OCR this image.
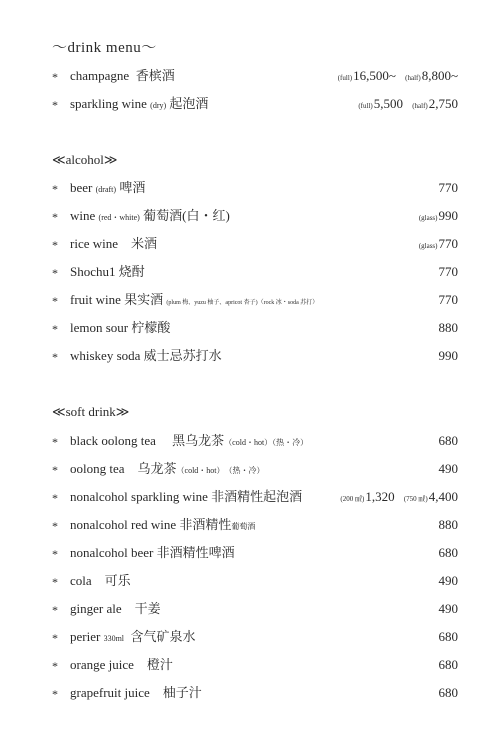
〜drink menu〜
* champagne 香槟酒	(full)16,500~ (half)8,800~
* sparkling wine (dry) 起泡酒	(full)5,500 (half)2,750
≪alcohol≫
* beer (draft) 啤酒	770
* wine (red・white) 葡萄酒(白・红)	(glass)990
* rice wine 米酒	(glass)770
* Shochu1 烧酎	770
* fruit wine 果实酒 (plum 梅、yuzu 柚子、apricot 杏子)（rock 冰・soda 苏打）	770
* lemon sour 柠檬酸	880
* whiskey soda 威士忌苏打水	990
≪soft drink≫
* black oolong tea 黑乌龙茶（cold・hot）（热・冷）	680
* oolong tea 乌龙茶（cold・hot）　（热・冷）	490
* nonalcohol sparkling wine 非酒精性起泡酒	(200 ㎖)1,320 (750 ㎖)4,400
* nonalcohol red wine 非酒精性葡萄酒	880
* nonalcohol beer 非酒精性啤酒	680
* cola 可乐	490
* ginger ale 干姜	490
* perier 330ml 含气矿泉水	680
* orange juice 橙汁	680
* grapefruit juice 柚子汁	680
